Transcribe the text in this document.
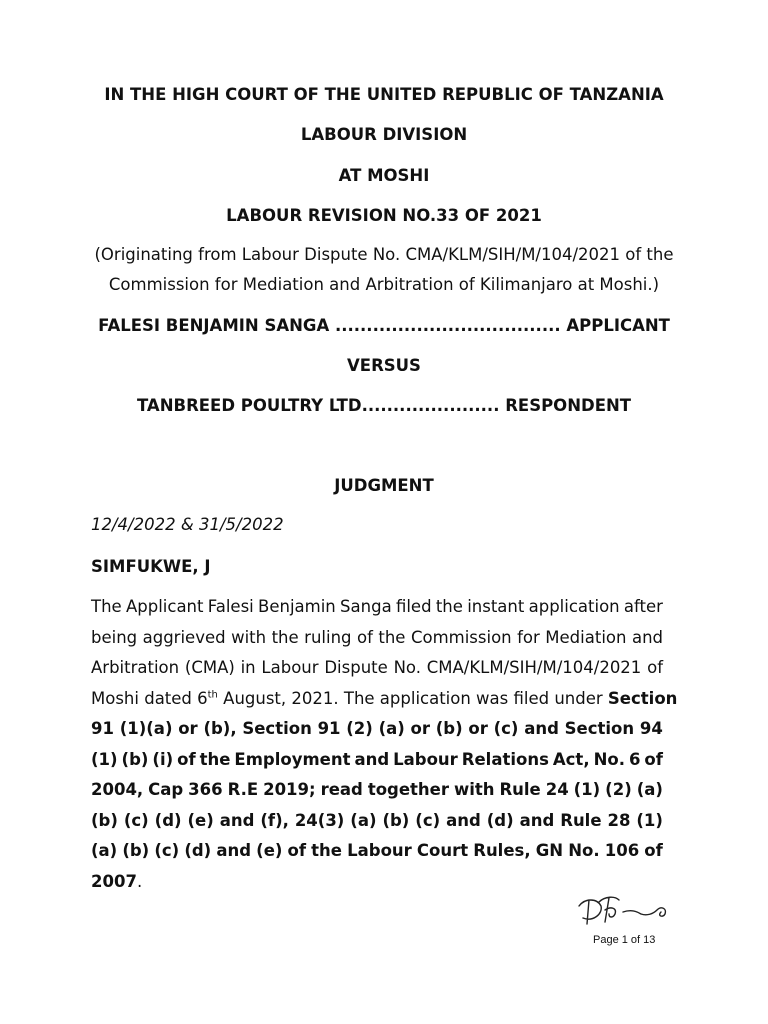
IN THE HIGH COURT OF THE UNITED REPUBLIC OF TANZANIA
LABOUR DIVISION
AT MOSHI
LABOUR REVISION NO.33 OF 2021
(Originating from Labour Dispute No. CMA/KLM/SIH/M/104/2021 of the
Commission for Mediation and Arbitration of Kilimanjaro at Moshi.)
FALESI BENJAMIN SANGA .................................... APPLICANT
VERSUS
TANBREED POULTRY LTD...................... RESPONDENT
JUDGMENT
12/4/2022 & 31/5/2022
SIMFUKWE, J
The Applicant Falesi Benjamin Sanga filed the instant application after
being aggrieved with the ruling of the Commission for Mediation and
Arbitration (CMA) in Labour Dispute No. CMA/KLM/SIH/M/104/2021 of
Moshi dated 6th August, 2021. The application was filed under Section
91 (1)(a) or (b), Section 91 (2) (a) or (b) or (c) and Section 94
(1) (b) (i) of the Employment and Labour Relations Act, No. 6 of
2004, Cap 366 R.E 2019; read together with Rule 24 (1) (2) (a)
(b) (c) (d) (e) and (f), 24(3) (a) (b) (c) and (d) and Rule 28 (1)
(a) (b) (c) (d) and (e) of the Labour Court Rules, GN No. 106 of
2007.
Page 1 of 13
